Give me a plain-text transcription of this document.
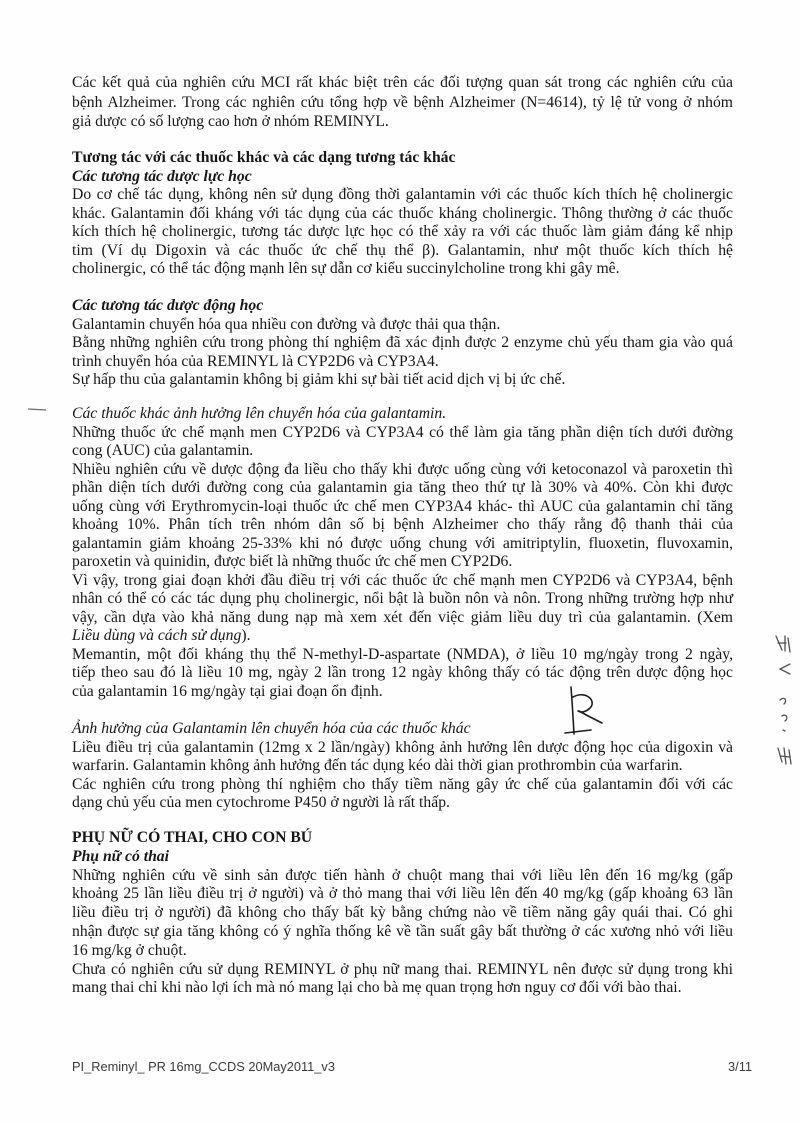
Các kết quả của nghiên cứu MCI rất khác biệt trên các đối tượng quan sát trong các nghiên cứu của
bệnh Alzheimer. Trong các nghiên cứu tổng hợp về bệnh Alzheimer (N=4614), tỷ lệ tử vong ở nhóm
giả dược có số lượng cao hơn ở nhóm REMINYL.
Tương tác với các thuốc khác và các dạng tương tác khác
Các tương tác dược lực học
Do cơ chế tác dụng, không nên sử dụng đồng thời galantamin với các thuốc kích thích hệ cholinergic
khác. Galantamin đối kháng với tác dụng của các thuốc kháng cholinergic. Thông thường ở các thuốc
kích thích hệ cholinergic, tương tác dược lực học có thể xảy ra với các thuốc làm giảm đáng kể nhịp
tim (Ví dụ Digoxin và các thuốc ức chế thụ thể β). Galantamin, như một thuốc kích thích hệ
cholinergic, có thể tác động mạnh lên sự dẫn cơ kiểu succinylcholine trong khi gây mê.
Các tương tác dược động học
Galantamin chuyển hóa qua nhiều con đường và được thải qua thận.
Bằng những nghiên cứu trong phòng thí nghiệm đã xác định được 2 enzyme chủ yếu tham gia vào quá
trình chuyển hóa của REMINYL là CYP2D6 và CYP3A4.
Sự hấp thu của galantamin không bị giảm khi sự bài tiết acid dịch vị bị ức chế.
Các thuốc khác ảnh hưởng lên chuyển hóa của galantamin.
Những thuốc ức chế mạnh men CYP2D6 và CYP3A4 có thể làm gia tăng phần diện tích dưới đường
cong (AUC) của galantamin.
Nhiều nghiên cứu về dược động đa liều cho thấy khi được uống cùng với ketoconazol và paroxetin thì
phần diện tích dưới đường cong của galantamin gia tăng theo thứ tự là 30% và 40%. Còn khi được
uống cùng với Erythromycin-loại thuốc ức chế men CYP3A4 khác- thì AUC của galantamin chỉ tăng
khoảng 10%. Phân tích trên nhóm dân số bị bệnh Alzheimer cho thấy rằng độ thanh thải của
galantamin giảm khoảng 25-33% khi nó được uống chung với amitriptylin, fluoxetin, fluvoxamin,
paroxetin và quinidin, được biết là những thuốc ức chế men CYP2D6.
Vì vậy, trong giai đoạn khởi đầu điều trị với các thuốc ức chế mạnh men CYP2D6 và CYP3A4, bệnh
nhân có thể có các tác dụng phụ cholinergic, nổi bật là buồn nôn và nôn. Trong những trường hợp như
vậy, cần dựa vào khả năng dung nạp mà xem xét đến việc giảm liều duy trì của galantamin. (Xem
Liều dùng và cách sử dụng).
Memantin, một đối kháng thụ thể N-methyl-D-aspartate (NMDA), ở liều 10 mg/ngày trong 2 ngày,
tiếp theo sau đó là liều 10 mg, ngày 2 lần trong 12 ngày không thấy có tác động trên dược động học
của galantamin 16 mg/ngày tại giai đoạn ổn định.
Ảnh hưởng của Galantamin lên chuyển hóa của các thuốc khác
Liều điều trị của galantamin (12mg x 2 lần/ngày) không ảnh hưởng lên dược động học của digoxin và
warfarin. Galantamin không ảnh hưởng đến tác dụng kéo dài thời gian prothrombin của warfarin.
Các nghiên cứu trong phòng thí nghiệm cho thấy tiềm năng gây ức chế của galantamin đối với các
dạng chủ yếu của men cytochrome P450 ở người là rất thấp.
PHỤ NỮ CÓ THAI, CHO CON BÚ
Phụ nữ có thai
Những nghiên cứu về sinh sản được tiến hành ở chuột mang thai với liều lên đến 16 mg/kg (gấp
khoảng 25 lần liều điều trị ở người) và ở thỏ mang thai với liều lên đến 40 mg/kg (gấp khoảng 63 lần
liều điều trị ở người) đã không cho thấy bất kỳ bằng chứng nào về tiềm năng gây quái thai. Có ghi
nhận được sự gia tăng không có ý nghĩa thống kê về tần suất gây bất thường ở các xương nhỏ với liều
16 mg/kg ở chuột.
Chưa có nghiên cứu sử dụng REMINYL ở phụ nữ mang thai. REMINYL nên được sử dụng trong khi
mang thai chỉ khi nào lợi ích mà nó mang lại cho bà mẹ quan trọng hơn nguy cơ đối với bào thai.
PI_Reminyl_ PR 16mg_CCDS 20May2011_v3	3/11
